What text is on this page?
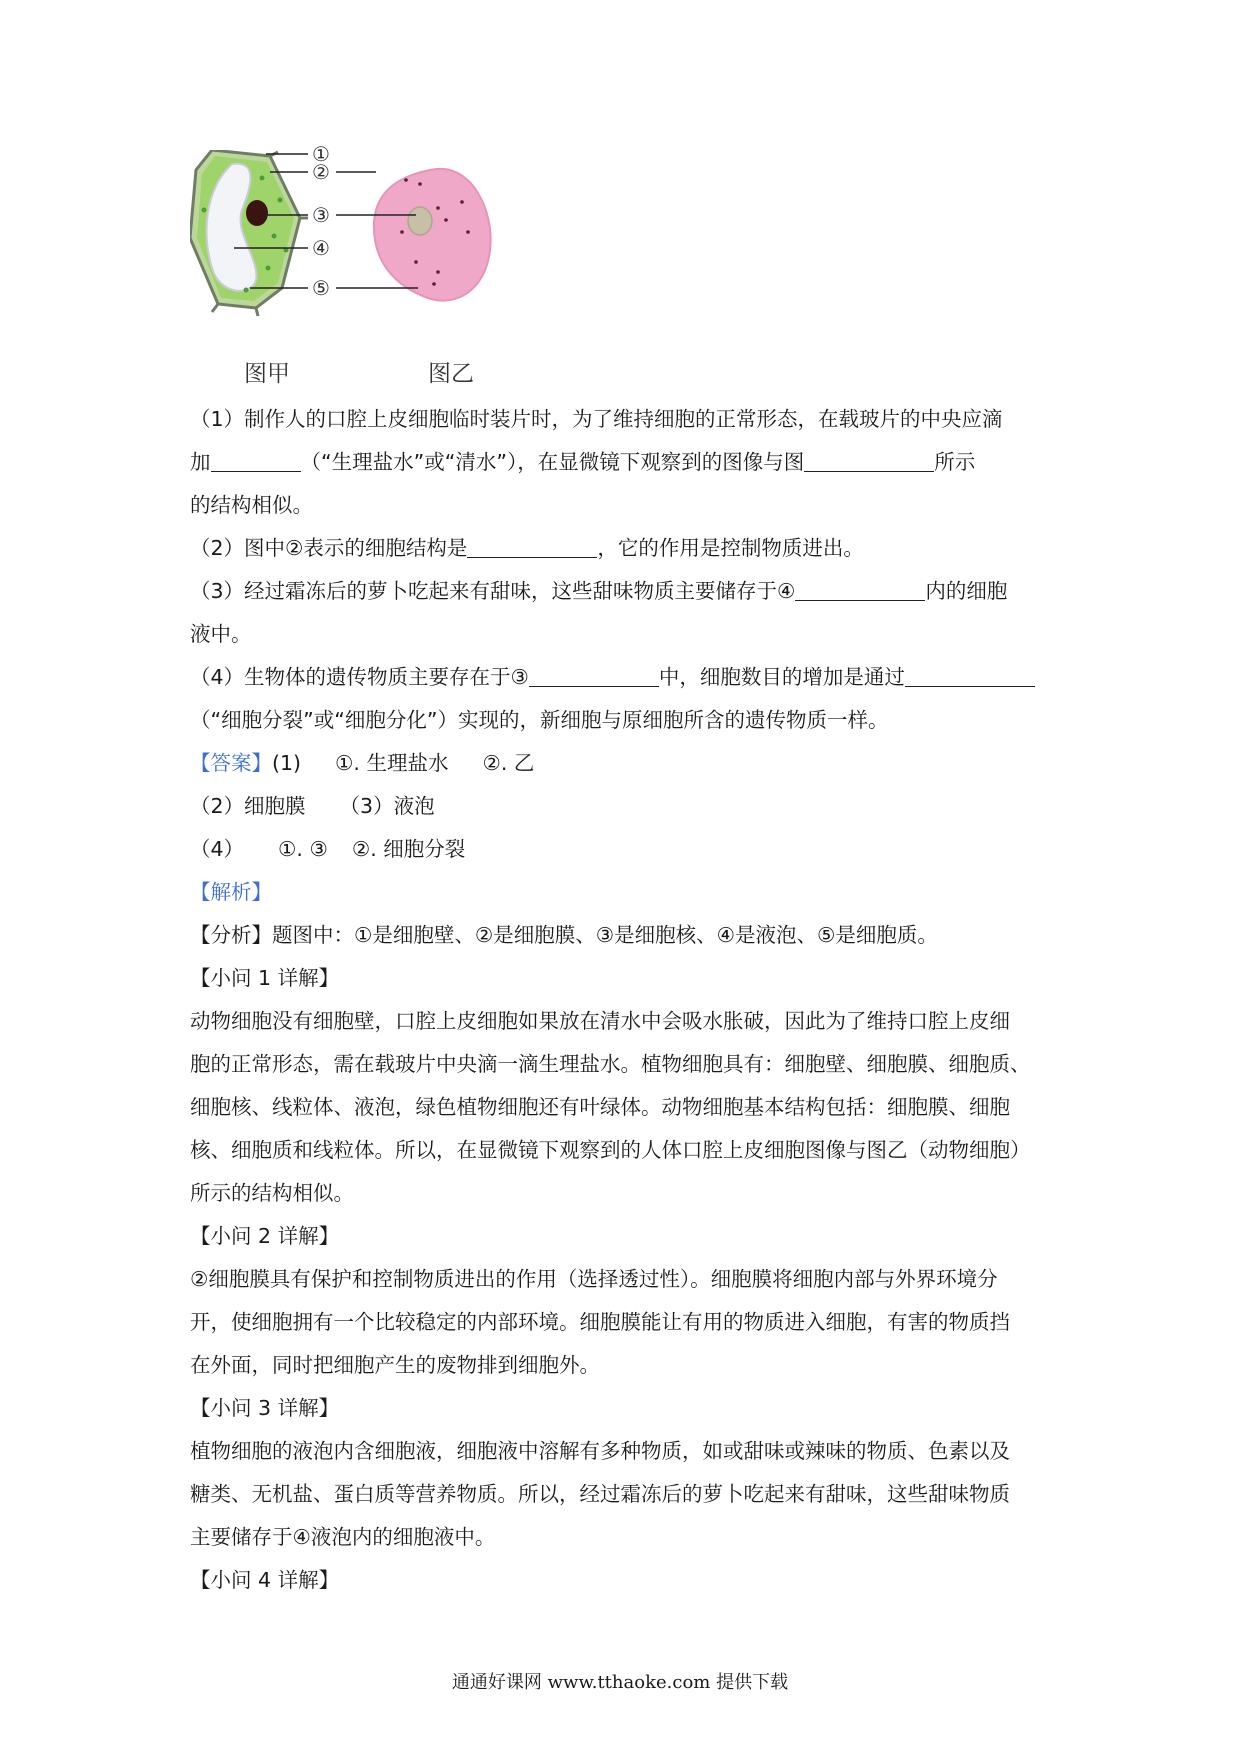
①
②
③
④
⑤
图甲	图乙
（1）制作人的口腔上皮细胞临时装片时，为了维持细胞的正常形态，在载玻片的中央应滴
加	（“生理盐水”或“清水”），在显微镜下观察到的图像与图	所示
的结构相似。
（2）图中②表示的细胞结构是	，它的作用是控制物质进出。
（3）经过霜冻后的萝卜吃起来有甜味，这些甜味物质主要储存于④	内的细胞
液中。
（4）生物体的遗传物质主要存在于③	中，细胞数目的增加是通过
（“细胞分裂”或“细胞分化”）实现的，新细胞与原细胞所含的遗传物质一样。
【答案】(1) ①. 生理盐水 ②. 乙
（2）细胞膜 （3）液泡
（4） ①. ③ ②. 细胞分裂
【解析】
【分析】题图中：①是细胞壁、②是细胞膜、③是细胞核、④是液泡、⑤是细胞质。
【小问 1 详解】
动物细胞没有细胞壁，口腔上皮细胞如果放在清水中会吸水胀破，因此为了维持口腔上皮细
胞的正常形态，需在载玻片中央滴一滴生理盐水。植物细胞具有：细胞壁、细胞膜、细胞质、
细胞核、线粒体、液泡，绿色植物细胞还有叶绿体。动物细胞基本结构包括：细胞膜、细胞
核、细胞质和线粒体。所以，在显微镜下观察到的人体口腔上皮细胞图像与图乙（动物细胞）
所示的结构相似。
【小问 2 详解】
②细胞膜具有保护和控制物质进出的作用（选择透过性）。细胞膜将细胞内部与外界环境分
开，使细胞拥有一个比较稳定的内部环境。细胞膜能让有用的物质进入细胞，有害的物质挡
在外面，同时把细胞产生的废物排到细胞外。
【小问 3 详解】
植物细胞的液泡内含细胞液，细胞液中溶解有多种物质，如或甜味或辣味的物质、色素以及
糖类、无机盐、蛋白质等营养物质。所以，经过霜冻后的萝卜吃起来有甜味，这些甜味物质
主要储存于④液泡内的细胞液中。
【小问 4 详解】
通通好课网 www.tthaoke.com 提供下载
